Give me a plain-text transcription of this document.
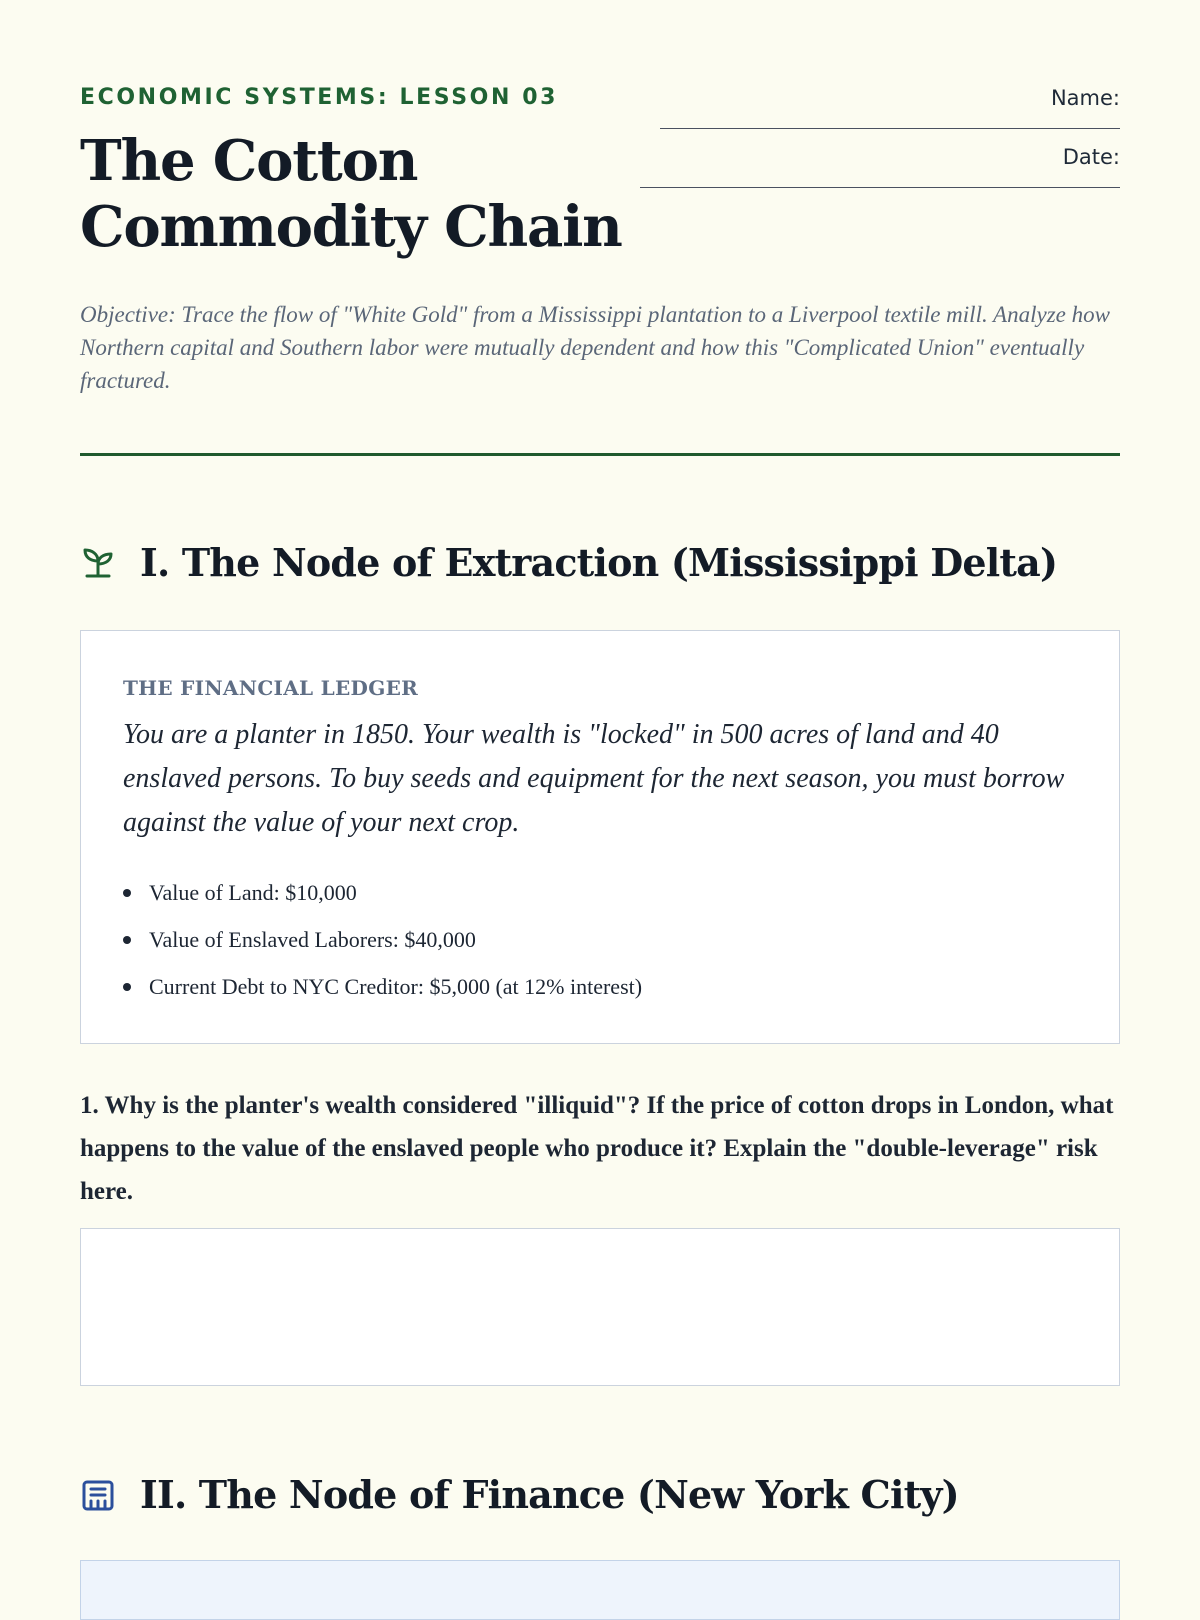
ECONOMIC SYSTEMS: LESSON 03

The Cotton Commodity Chain
Name:
Date:

Objective: Trace the flow of "White Gold" from a Mississippi plantation to a Liverpool textile mill. Analyze how Northern capital and Southern labor were mutually dependent and how this "Complicated Union" eventually fractured.

I. The Node of Extraction (Mississippi Delta)
THE FINANCIAL LEDGER

You are a planter in 1850. Your wealth is "locked" in 500 acres of land and 40 enslaved persons. To buy seeds and equipment for the next season, you must borrow against the value of your next crop.

Value of Land: $10,000
Value of Enslaved Laborers: $40,000
Current Debt to NYC Creditor: $5,000 (at 12% interest)

1. Why is the planter's wealth considered "illiquid"? If the price of cotton drops in London, what happens to the value of the enslaved people who produce it? Explain the "double-leverage" risk here.

II. The Node of Finance (New York City)
